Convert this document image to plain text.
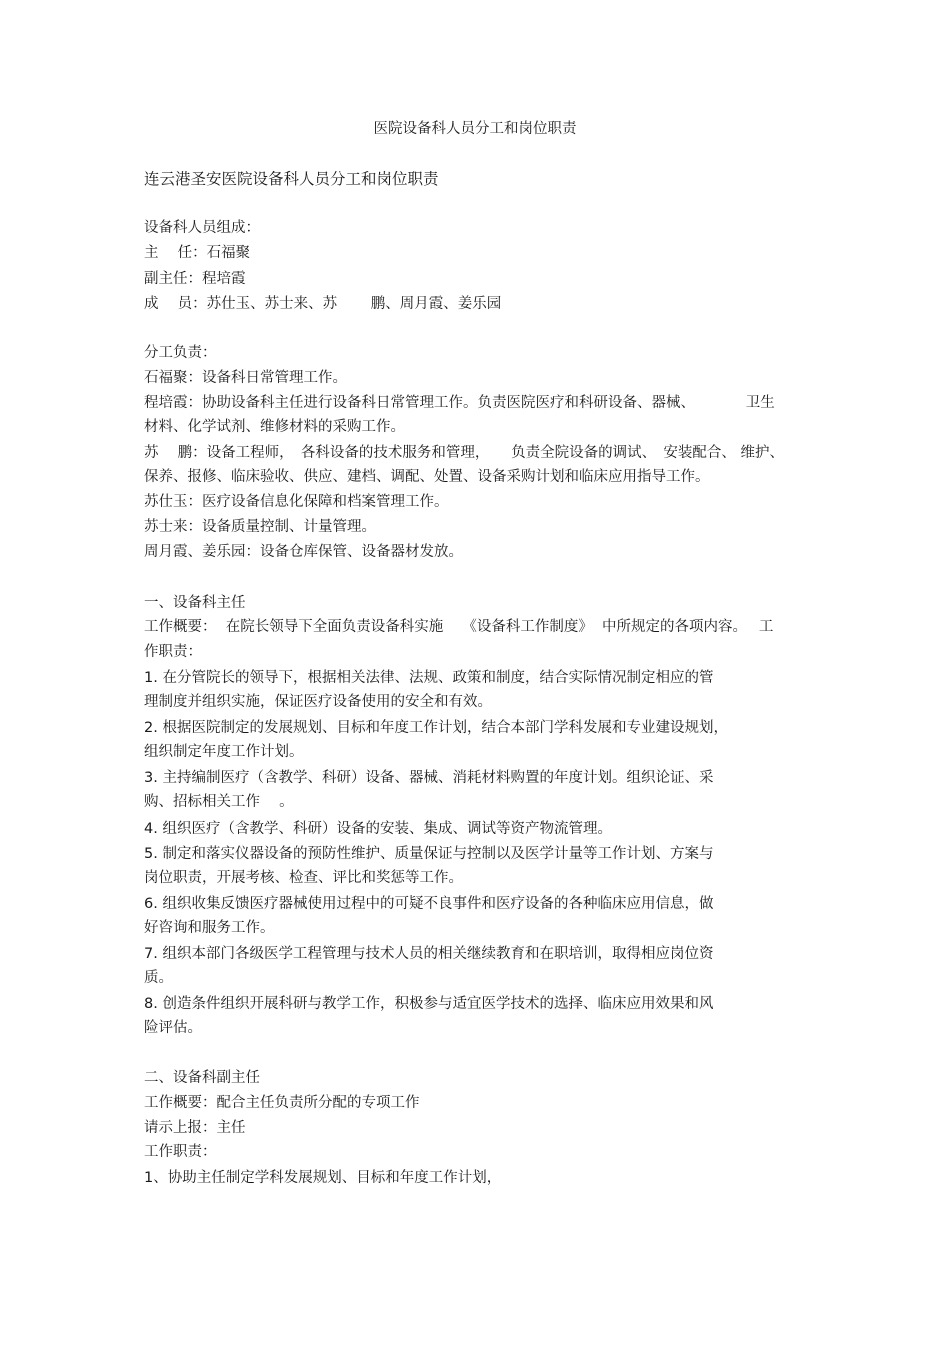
医院设备科人员分工和岗位职责
连云港圣安医院设备科人员分工和岗位职责
设备科人员组成：
主　 任：石福聚
副主任：程培霞
成　 员：苏仕玉、苏士来、苏　　 鹏、周月霞、姜乐园
分工负责：
石福聚：设备科日常管理工作。
程培霞：协助设备科主任进行设备科日常管理工作。负责医院医疗和科研设备、器械、　　　　卫生
材料、化学试剂、维修材料的采购工作。
苏　 鹏：设备工程师，　各科设备的技术服务和管理，　　负责全院设备的调试、　安装配合、 维护、
保养、报修、临床验收、供应、建档、调配、处置、设备采购计划和临床应用指导工作。
苏仕玉：医疗设备信息化保障和档案管理工作。
苏士来：设备质量控制、计量管理。
周月霞、姜乐园：设备仓库保管、设备器材发放。
一、设备科主任
工作概要：  在院长领导下全面负责设备科实施　 《设备科工作制度》  中所规定的各项内容。　 工
作职责：
1. 在分管院长的领导下，根据相关法律、法规、政策和制度，结合实际情况制定相应的管
理制度并组织实施，保证医疗设备使用的安全和有效。
2. 根据医院制定的发展规划、目标和年度工作计划，结合本部门学科发展和专业建设规划，
组织制定年度工作计划。
3. 主持编制医疗（含教学、科研）设备、器械、消耗材料购置的年度计划。组织论证、采
购、招标相关工作　 。
4. 组织医疗（含教学、科研）设备的安装、集成、调试等资产物流管理。
5. 制定和落实仪器设备的预防性维护、质量保证与控制以及医学计量等工作计划、方案与
岗位职责，开展考核、检查、评比和奖惩等工作。
6. 组织收集反馈医疗器械使用过程中的可疑不良事件和医疗设备的各种临床应用信息，做
好咨询和服务工作。
7. 组织本部门各级医学工程管理与技术人员的相关继续教育和在职培训，取得相应岗位资
质。
8. 创造条件组织开展科研与教学工作，积极参与适宜医学技术的选择、临床应用效果和风
险评估。
二、设备科副主任
工作概要：配合主任负责所分配的专项工作
请示上报：主任
工作职责：
1、协助主任制定学科发展规划、目标和年度工作计划，
